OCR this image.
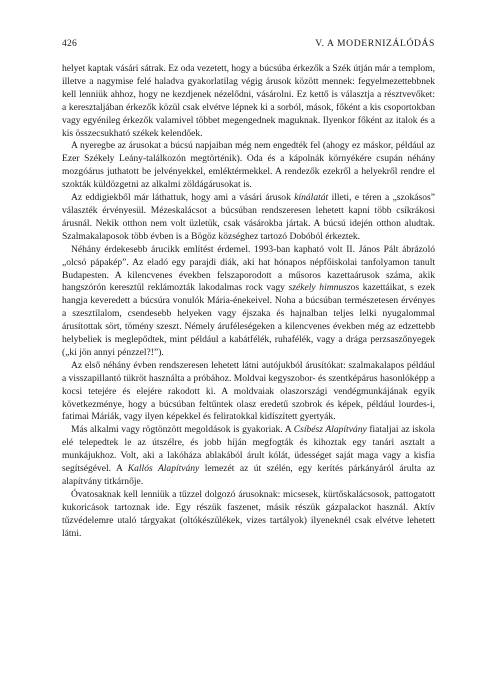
426	V. A MODERNIZÁLÓDÁS

helyet kaptak vásári sátrak. Ez oda vezetett, hogy a búcsúba érkezők a Szék útján már a templom, illetve a nagymise felé haladva gyakorlatilag végig árusok között mennek: fegyelmezettebbnek kell lenniük ahhoz, hogy ne kezdjenek nézelődni, vásárolni. Ez kettő is választja a résztvevőket: a keresztaljában érkezők közül csak elvétve lépnek ki a sorból, mások, főként a kis csoportokban vagy egyénileg érkezők valamivel többet megengednek maguknak. Ilyenkor főként az italok és a kis összecsukható székek kelendőek.

A nyeregbe az árusokat a búcsú napjaiban még nem engedték fel (ahogy ez máskor, például az Ezer Székely Leány-találkozón megtörténik). Oda és a kápolnák környékére csupán néhány mozgóárus juthatott be jelvényekkel, emléktérmekkel. A rendezők ezekről a helyekről rendre el szokták küldözgetni az alkalmi zöldágárusokat is.

Az eddigiekből már láthattuk, hogy ami a vásári árusok kínálatát illeti, e téren a „szokásos” választék érvényesül. Mézeskalácsot a búcsúban rendszeresen lehetett kapni több csíkrákosi árusnál. Nekik otthon nem volt üzletük, csak vásárokba jártak. A búcsú idején otthon aludtak. Szalmakalaposok több évben is a Bögöz községhez tartozó Dobóból érkeztek.

Néhány érdekesebb árucikk említést érdemel. 1993-ban kapható volt II. János Pált ábrázoló „olcsó pápakép”. Az eladó egy parajdi diák, aki hat hónapos népfőiskolai tanfolyamon tanult Budapesten. A kilencvenes években felszaporodott a műsoros kazettaárusok száma, akik hangszórón keresztül reklámozták lakodalmas rock vagy székely himnuszos kazettáikat, s ezek hangja keveredett a búcsúra vonulók Mária-énekeivel. Noha a búcsúban természetesen érvényes a szesztilalom, csendesebb helyeken vagy éjszaka és hajnalban teljes lelki nyugalommal árusítottak sört, tömény szeszt. Némely áruféleségeken a kilencvenes években még az edzettebb helybeliek is meglepődtek, mint például a kabátfélék, ruhafélék, vagy a drága perzsaszőnyegek („ki jön annyi pénzzel?!”).

Az első néhány évben rendszeresen lehetett látni autójukból árusítókat: szalmakalapos például a visszapillantó tükröt használta a próbához. Moldvai kegyszobor- és szentképárus hasonlóképp a kocsi tetejére és elejére rakodott ki. A moldvaiak olaszországi vendégmunkájának egyik következménye, hogy a búcsúban feltűntek olasz eredetű szobrok és képek, például lourdes-i, fatimai Máriák, vagy ilyen képekkel és feliratokkal kidíszített gyertyák.

Más alkalmi vagy rögtönzött megoldások is gyakoriak. A Csíbész Alapítvány fiataljai az iskola elé telepedtek le az útszélre, és jobb híján megfogták és kihoztak egy tanári asztalt a munkájukhoz. Volt, aki a lakóháza ablakából árult kólát, üdességet saját maga vagy a kisfia segítségével. A Kallós Alapítvány lemezét az út szélén, egy kerítés párkányáról árulta az alapítvány titkárnője.

Óvatosaknak kell lenniük a tűzzel dolgozó árusoknak: micsesek, kürtőskalácsosok, pattogatott kukoricások tartoznak ide. Egy részük faszenet, másik részük gázpalackot használ. Aktív tűzvédelemre utaló tárgyakat (oltókészülékek, vizes tartályok) ilyeneknél csak elvétve lehetett látni.
